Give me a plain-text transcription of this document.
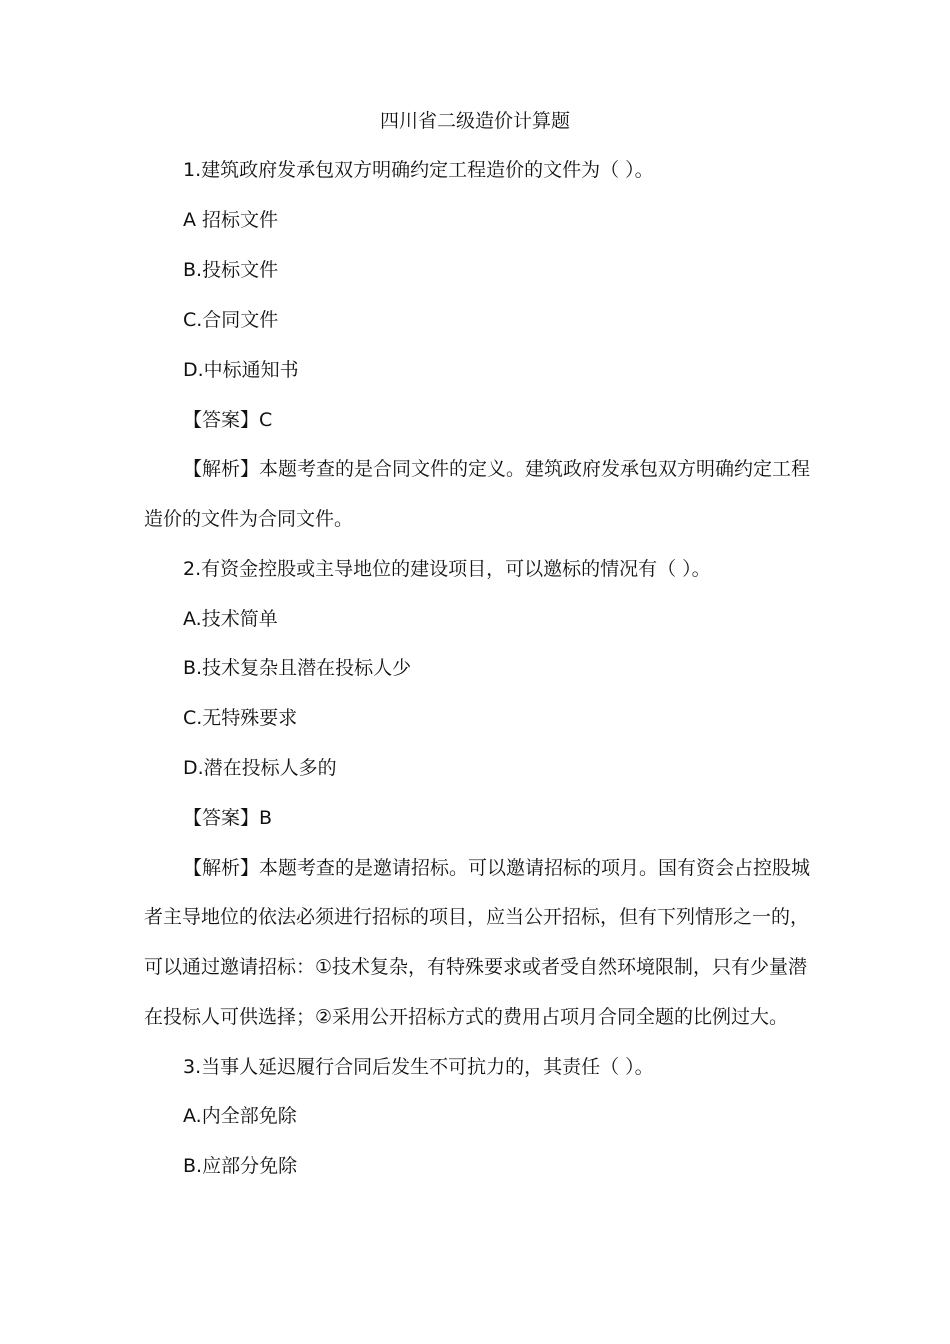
四川省二级造价计算题
1.建筑政府发承包双方明确约定工程造价的文件为（ ）。
A 招标文件
B.投标文件
C.合同文件
D.中标通知书
【答案】C
【解析】本题考查的是合同文件的定义。建筑政府发承包双方明确约定工程
造价的文件为合同文件。
2.有资金控股或主导地位的建设项目，可以邀标的情况有（ ）。
A.技术简单
B.技术复杂且潜在投标人少
C.无特殊要求
D.潜在投标人多的
【答案】B
【解析】本题考查的是邀请招标。可以邀请招标的项月。国有资会占控股城
者主导地位的依法必须进行招标的项目，应当公开招标，但有下列情形之一的，
可以通过邀请招标：①技术复杂，有特殊要求或者受自然环境限制，只有少量潜
在投标人可供选择；②采用公开招标方式的费用占项月合同全题的比例过大。
3.当事人延迟履行合同后发生不可抗力的，其责任（ ）。
A.内全部免除
B.应部分免除
